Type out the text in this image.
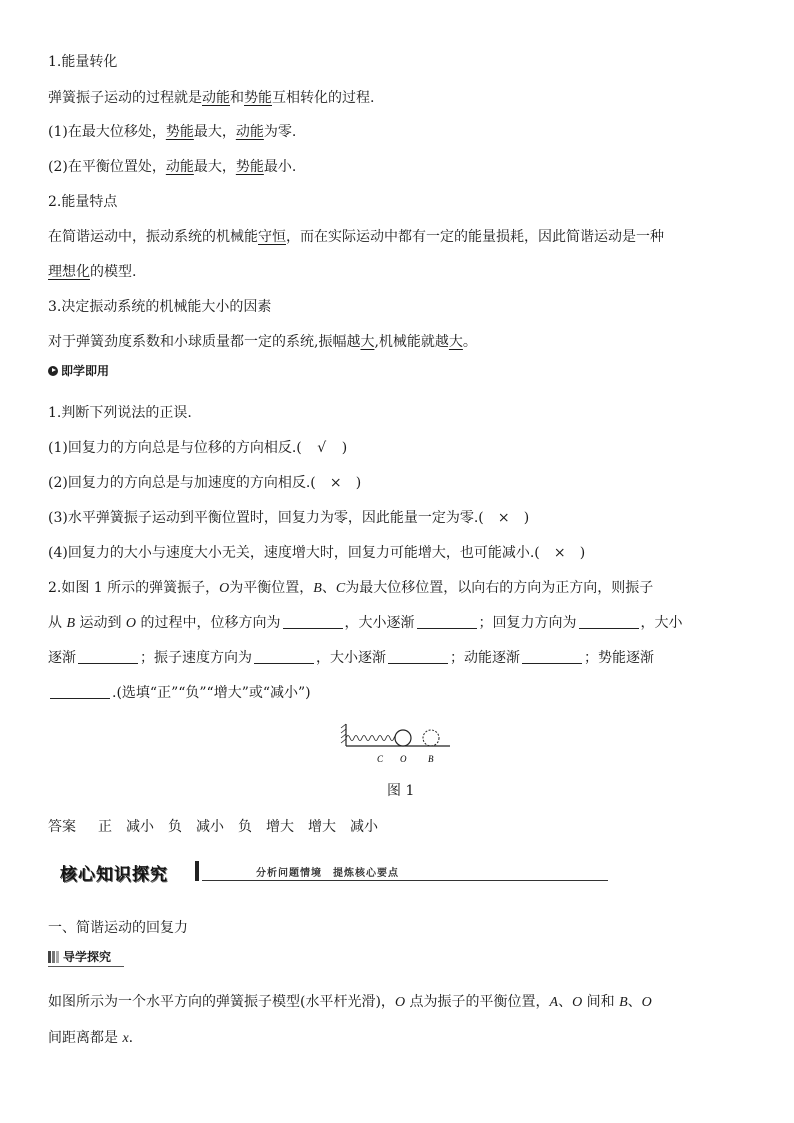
1.能量转化
弹簧振子运动的过程就是动能和势能互相转化的过程.
(1)在最大位移处，势能最大，动能为零.
(2)在平衡位置处，动能最大，势能最小.
2.能量特点
在简谐运动中，振动系统的机械能守恒，而在实际运动中都有一定的能量损耗，因此简谐运动是一种
理想化的模型.
3.决定振动系统的机械能大小的因素
对于弹簧劲度系数和小球质量都一定的系统,振幅越大,机械能就越大。
即学即用
1.判断下列说法的正误.
(1)回复力的方向总是与位移的方向相反.( √ )
(2)回复力的方向总是与加速度的方向相反.( × )
(3)水平弹簧振子运动到平衡位置时，回复力为零，因此能量一定为零.( × )
(4)回复力的大小与速度大小无关，速度增大时，回复力可能增大，也可能减小.( × )
2.如图 1 所示的弹簧振子，O为平衡位置，B、C为最大位移位置，以向右的方向为正方向，则振子
从 B 运动到 O 的过程中，位移方向为	，大小逐渐	；回复力方向为	，大小
逐渐	；振子速度方向为	，大小逐渐	；动能逐渐	；势能逐渐
.(选填“正”“负”“增大”或“减小”)
C O B
图 1
答案 正 减小 负 减小 负 增大 增大 减小
核心知识探究	分析问题情境　提炼核心要点
一、简谐运动的回复力
导学探究
如图所示为一个水平方向的弹簧振子模型(水平杆光滑)，O 点为振子的平衡位置，A、O 间和 B、O
间距离都是 x.
